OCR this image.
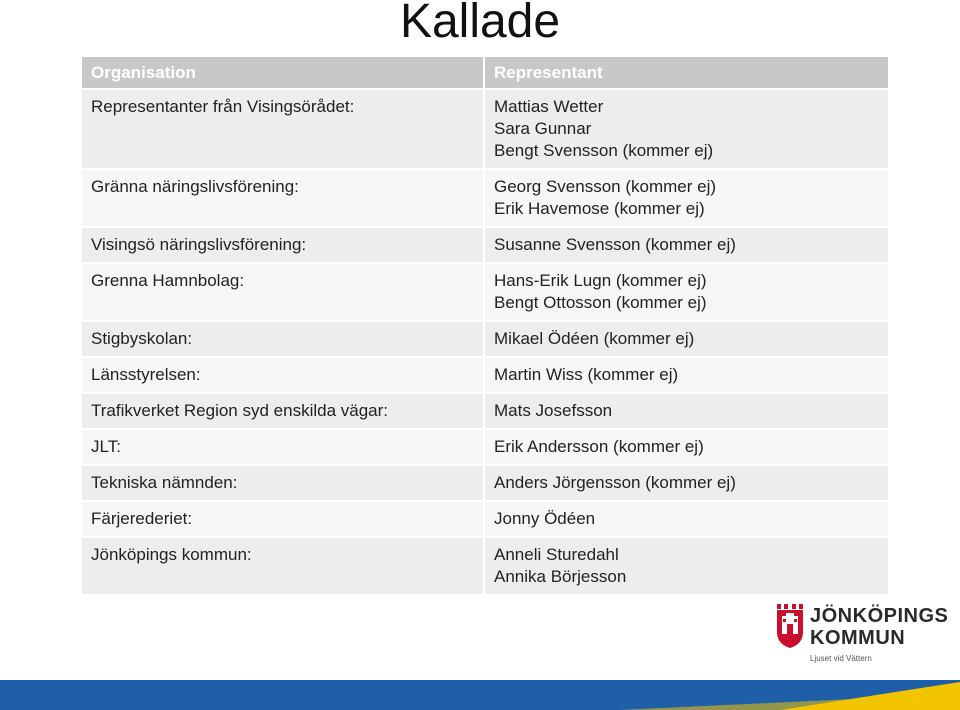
Kallade
Organisation	Representant
Representanter från Visingsörådet:	Mattias Wetter
Sara Gunnar
Bengt Svensson (kommer ej)

Gränna näringslivsförening:	Georg Svensson (kommer ej)
Erik Havemose (kommer ej)

Visingsö näringslivsförening:	Susanne Svensson (kommer ej)

Grenna Hamnbolag:	Hans-Erik Lugn (kommer ej)
Bengt Ottosson (kommer ej)

Stigbyskolan:	Mikael Ödéen (kommer ej)

Länsstyrelsen:	Martin Wiss (kommer ej)

Trafikverket Region syd enskilda vägar:	Mats Josefsson

JLT:	Erik Andersson (kommer ej)

Tekniska nämnden:	Anders Jörgensson (kommer ej)

Färjerederiet:	Jonny Ödéen

Jönköpings kommun:	Anneli Sturedahl
Annika Börjesson
JÖNKÖPINGS
KOMMUN
Ljuset vid Vättern
